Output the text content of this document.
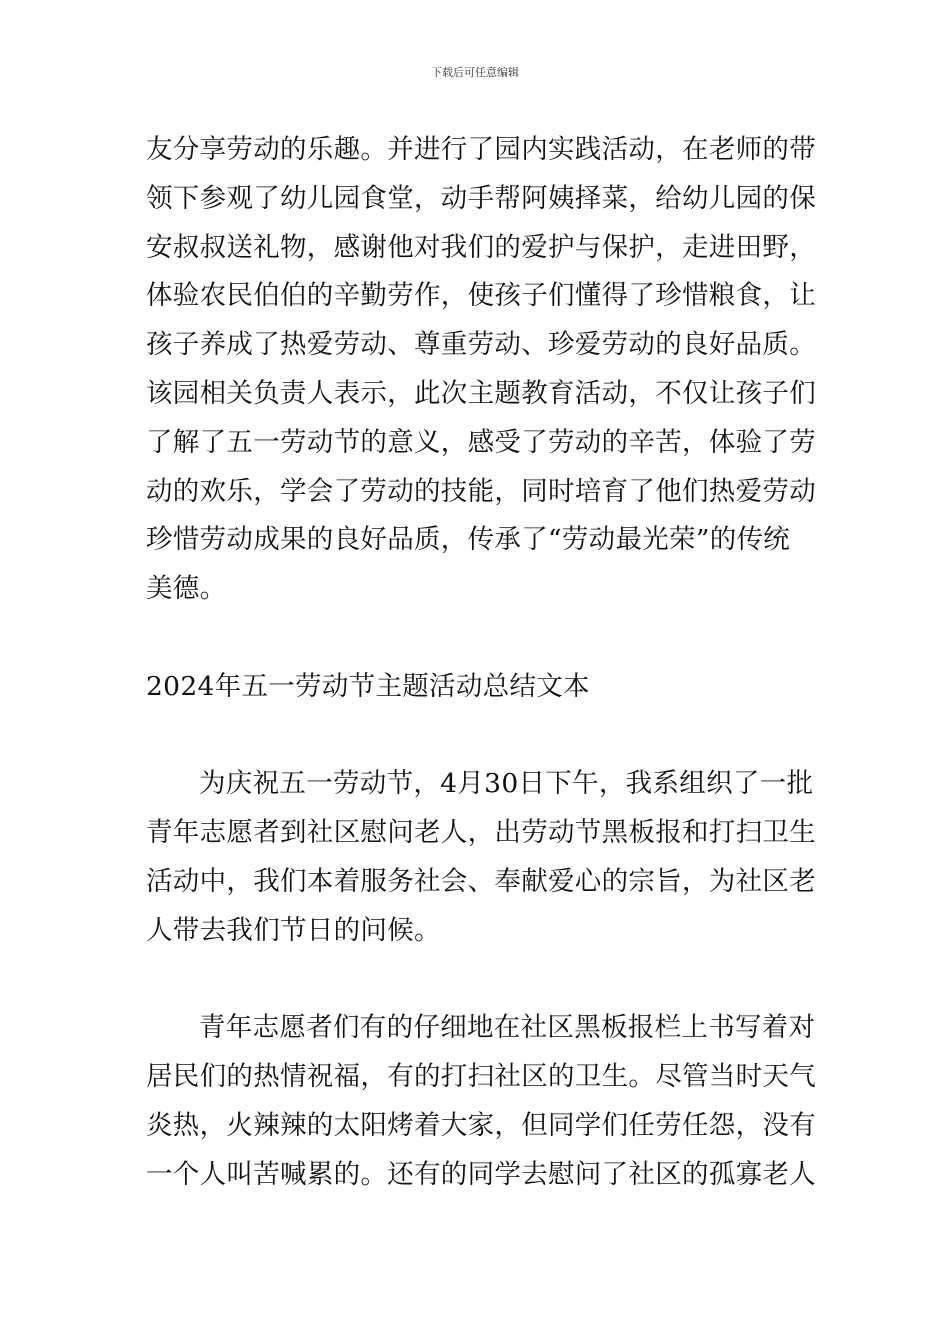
下载后可任意编辑
友分享劳动的乐趣。并进行了园内实践活动，在老师的带
领下参观了幼儿园食堂，动手帮阿姨择菜，给幼儿园的保
安叔叔送礼物，感谢他对我们的爱护与保护，走进田野，
体验农民伯伯的辛勤劳作，使孩子们懂得了珍惜粮食，让
孩子养成了热爱劳动、尊重劳动、珍爱劳动的良好品质。
该园相关负责人表示，此次主题教育活动，不仅让孩子们
了解了五一劳动节的意义，感受了劳动的辛苦，体验了劳
动的欢乐，学会了劳动的技能，同时培育了他们热爱劳动
珍惜劳动成果的良好品质，传承了“劳动最光荣”的传统
美德。
2024年五一劳动节主题活动总结文本
为庆祝五一劳动节，4月30日下午，我系组织了一批
青年志愿者到社区慰问老人，出劳动节黑板报和打扫卫生
活动中，我们本着服务社会、奉献爱心的宗旨，为社区老
人带去我们节日的问候。
青年志愿者们有的仔细地在社区黑板报栏上书写着对
居民们的热情祝福，有的打扫社区的卫生。尽管当时天气
炎热，火辣辣的太阳烤着大家，但同学们任劳任怨，没有
一个人叫苦喊累的。还有的同学去慰问了社区的孤寡老人
